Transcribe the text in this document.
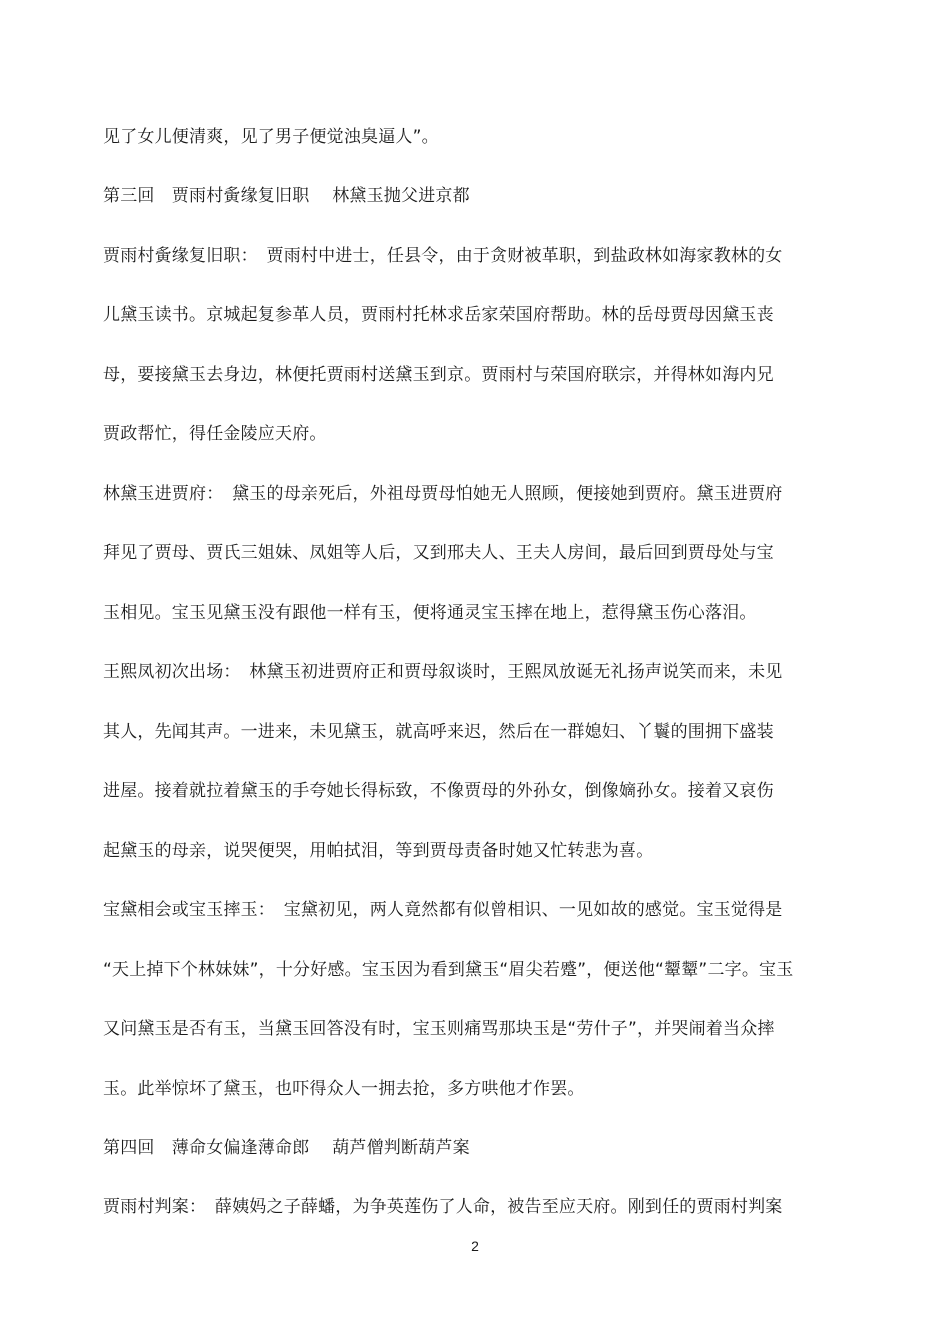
见了女儿便清爽，见了男子便觉浊臭逼人”。
第三回　贾雨村夤缘复旧职　 林黛玉抛父进京都
贾雨村夤缘复旧职：　贾雨村中进士，任县令，由于贪财被革职，到盐政林如海家教林的女
儿黛玉读书。京城起复参革人员，贾雨村托林求岳家荣国府帮助。林的岳母贾母因黛玉丧
母，要接黛玉去身边，林便托贾雨村送黛玉到京。贾雨村与荣国府联宗，并得林如海内兄
贾政帮忙，得任金陵应天府。
林黛玉进贾府：　黛玉的母亲死后，外祖母贾母怕她无人照顾，便接她到贾府。黛玉进贾府
拜见了贾母、贾氏三姐妹、凤姐等人后，又到邢夫人、王夫人房间，最后回到贾母处与宝
玉相见。宝玉见黛玉没有跟他一样有玉，便将通灵宝玉摔在地上，惹得黛玉伤心落泪。
王熙凤初次出场：　林黛玉初进贾府正和贾母叙谈时，王熙凤放诞无礼扬声说笑而来，未见
其人，先闻其声。一进来，未见黛玉，就高呼来迟，然后在一群媳妇、丫鬟的围拥下盛装
进屋。接着就拉着黛玉的手夸她长得标致，不像贾母的外孙女，倒像嫡孙女。接着又哀伤
起黛玉的母亲，说哭便哭，用帕拭泪，等到贾母责备时她又忙转悲为喜。
宝黛相会或宝玉摔玉：　宝黛初见，两人竟然都有似曾相识、一见如故的感觉。宝玉觉得是
“天上掉下个林妹妹”，十分好感。宝玉因为看到黛玉“眉尖若蹙”，便送他“颦颦”二字。宝玉
又问黛玉是否有玉，当黛玉回答没有时，宝玉则痛骂那块玉是“劳什子”，并哭闹着当众摔
玉。此举惊坏了黛玉，也吓得众人一拥去抢，多方哄他才作罢。
第四回　薄命女偏逢薄命郎　 葫芦僧判断葫芦案
贾雨村判案：　薛姨妈之子薛蟠，为争英莲伤了人命，被告至应天府。刚到任的贾雨村判案
2
